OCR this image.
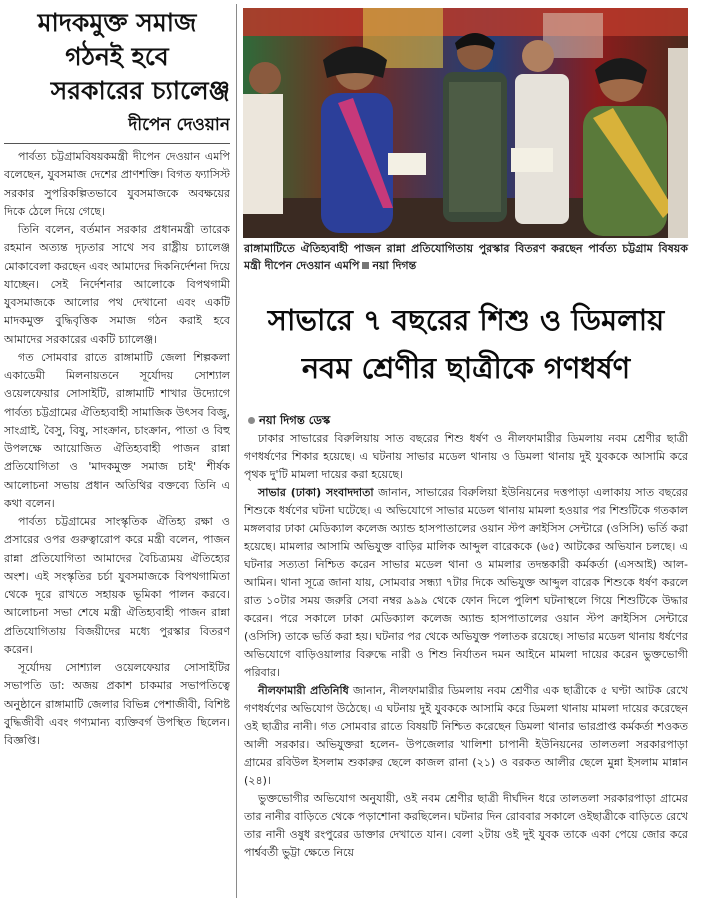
মাদকমুক্ত সমাজ
গঠনই হবে
সরকারের চ্যালেঞ্জ
দীপেন দেওয়ান

পার্বত্য চট্টগ্রামবিষয়কমন্ত্রী দীপেন দেওয়ান এমপি বলেছেন, যুবসমাজ দেশের প্রাণশক্তি। বিগত ফ্যাসিস্ট সরকার সুপরিকল্পিতভাবে যুবসমাজকে অবক্ষয়ের দিকে ঠেলে দিয়ে গেছে।

তিনি বলেন, বর্তমান সরকার প্রধানমন্ত্রী তারেক রহমান অত্যন্ত দৃঢ়তার সাথে সব রাষ্ট্রীয় চ্যালেঞ্জ মোকাবেলা করছেন এবং আমাদের দিকনির্দেশনা দিয়ে যাচ্ছেন। সেই নির্দেশনার আলোকে বিপথগামী যুবসমাজকে আলোর পথ দেখানো এবং একটি মাদকমুক্ত বুদ্ধিবৃত্তিক সমাজ গঠন করাই হবে আমাদের সরকারের একটি চ্যালেঞ্জ।

গত সোমবার রাতে রাঙ্গামাটি জেলা শিল্পকলা একাডেমী মিলনায়তনে সূর্যোদয় সোশ্যাল ওয়েলফেয়ার সোসাইটি, রাঙ্গামাটি শাখার উদ্যোগে পার্বত্য চট্টগ্রামের ঐতিহ্যবাহী সামাজিক উৎসব বিজু, সাংগ্রাই, বৈসু, বিষু, সাংক্রান, চাংক্রান, পাতা ও বিহু উপলক্ষে আয়োজিত ঐতিহ্যবাহী পাজন রান্না প্রতিযোগিতা ও 'মাদকমুক্ত সমাজ চাই' শীর্ষক আলোচনা সভায় প্রধান অতিথির বক্তব্যে তিনি এ কথা বলেন।

পার্বত্য চট্টগ্রামের সাংস্কৃতিক ঐতিহ্য রক্ষা ও প্রসারের ওপর গুরুত্বারোপ করে মন্ত্রী বলেন, পাজন রান্না প্রতিযোগিতা আমাদের বৈচিত্র্যময় ঐতিহ্যের অংশ। এই সংস্কৃতির চর্চা যুবসমাজকে বিপথগামিতা থেকে দূরে রাখতে সহায়ক ভূমিকা পালন করবে। আলোচনা সভা শেষে মন্ত্রী ঐতিহ্যবাহী পাজন রান্না প্রতিযোগিতায় বিজয়ীদের মধ্যে পুরস্কার বিতরণ করেন।

সূর্যোদয় সোশ্যাল ওয়েলফেয়ার সোসাইটির সভাপতি ডা: অজয় প্রকাশ চাকমার সভাপতিত্বে অনুষ্ঠানে রাঙ্গামাটি জেলার বিভিন্ন পেশাজীবী, বিশিষ্ট বুদ্ধিজীবী এবং গণ্যমান্য ব্যক্তিবর্গ উপস্থিত ছিলেন। বিজ্ঞপ্তি।

রাঙ্গামাটিতে ঐতিহ্যবাহী পাজন রান্না প্রতিযোগিতায় পুরস্কার বিতরণ করছেন পার্বত্য চট্টগ্রাম বিষয়ক মন্ত্রী দীপেন দেওয়ান এমপি নয়া দিগন্ত
সাভারে ৭ বছরের শিশু ও ডিমলায়
নবম শ্রেণীর ছাত্রীকে গণধর্ষণ
নয়া দিগন্ত ডেস্ক

ঢাকার সাভারের বিরুলিয়ায় সাত বছরের শিশু ধর্ষণ ও নীলফামারীর ডিমলায় নবম শ্রেণীর ছাত্রী গণধর্ষণের শিকার হয়েছে। এ ঘটনায় সাভার মডেল থানায় ও ডিমলা থানায় দুই যুবককে আসামি করে পৃথক দু'টি মামলা দায়ের করা হয়েছে।

সাভার (ঢাকা) সংবাদদাতা জানান, সাভারের বিরুলিয়া ইউনিয়নের দত্তপাড়া এলাকায় সাত বছরের শিশুকে ধর্ষণের ঘটনা ঘটেছে। এ অভিযোগে সাভার মডেল থানায় মামলা হওয়ার পর শিশুটিকে গতকাল মঙ্গলবার ঢাকা মেডিক্যাল কলেজ অ্যান্ড হাসপাতালের ওয়ান স্টপ ক্রাইসিস সেন্টারে (ওসিসি) ভর্তি করা হয়েছে। মামলার আসামি অভিযুক্ত বাড়ির মালিক আব্দুল বারেককে (৬৫) আটকের অভিযান চলছে। এ ঘটনার সত্যতা নিশ্চিত করেন সাভার মডেল থানা ও মামলার তদন্তকারী কর্মকর্তা (এসআই) আল-আমিন। থানা সূত্রে জানা যায়, সোমবার সন্ধ্যা ৭টার দিকে অভিযুক্ত আব্দুল বারেক শিশুকে ধর্ষণ করলে রাত ১০টার সময় জরুরি সেবা নম্বর ৯৯৯ থেকে ফোন দিলে পুলিশ ঘটনাস্থলে গিয়ে শিশুটিকে উদ্ধার করেন। পরে সকালে ঢাকা মেডিক্যাল কলেজ অ্যান্ড হাসপাতালের ওয়ান স্টপ ক্রাইসিস সেন্টারে (ওসিসি) তাকে ভর্তি করা হয়। ঘটনার পর থেকে অভিযুক্ত পলাতক রয়েছে। সাভার মডেল থানায় ধর্ষণের অভিযোগে বাড়িওয়ালার বিরুদ্ধে নারী ও শিশু নির্যাতন দমন আইনে মামলা দায়ের করেন ভুক্তভোগী পরিবার।

নীলফামারী প্রতিনিধি জানান, নীলফামারীর ডিমলায় নবম শ্রেণীর এক ছাত্রীকে ৫ ঘণ্টা আটক রেখে গণধর্ষণের অভিযোগ উঠেছে। এ ঘটনায় দুই যুবককে আসামি করে ডিমলা থানায় মামলা দায়ের করেছেন ওই ছাত্রীর নানী। গত সোমবার রাতে বিষয়টি নিশ্চিত করেছেন ডিমলা থানার ভারপ্রাপ্ত কর্মকর্তা শওকত আলী সরকার। অভিযুক্তরা হলেন- উপজেলার খালিশা চাপানী ইউনিয়নের তালতলা সরকারপাড়া গ্রামের রবিউল ইসলাম শুকারুর ছেলে কাজল রানা (২১) ও বরকত আলীর ছেলে মুন্না ইসলাম মান্নান (২৪)।

ভুক্তভোগীর অভিযোগ অনুযায়ী, ওই নবম শ্রেণীর ছাত্রী দীর্ঘদিন ধরে তালতলা সরকারপাড়া গ্রামের তার নানীর বাড়িতে থেকে পড়াশোনা করছিলেন। ঘটনার দিন রোববার সকালে ওইছাত্রীকে বাড়িতে রেখে তার নানী ওষুধ রংপুরের ডাক্তার দেখাতে যান। বেলা ২টায় ওই দুই যুবক তাকে একা পেয়ে জোর করে পার্শ্ববর্তী ভুট্টা ক্ষেতে নিয়ে
